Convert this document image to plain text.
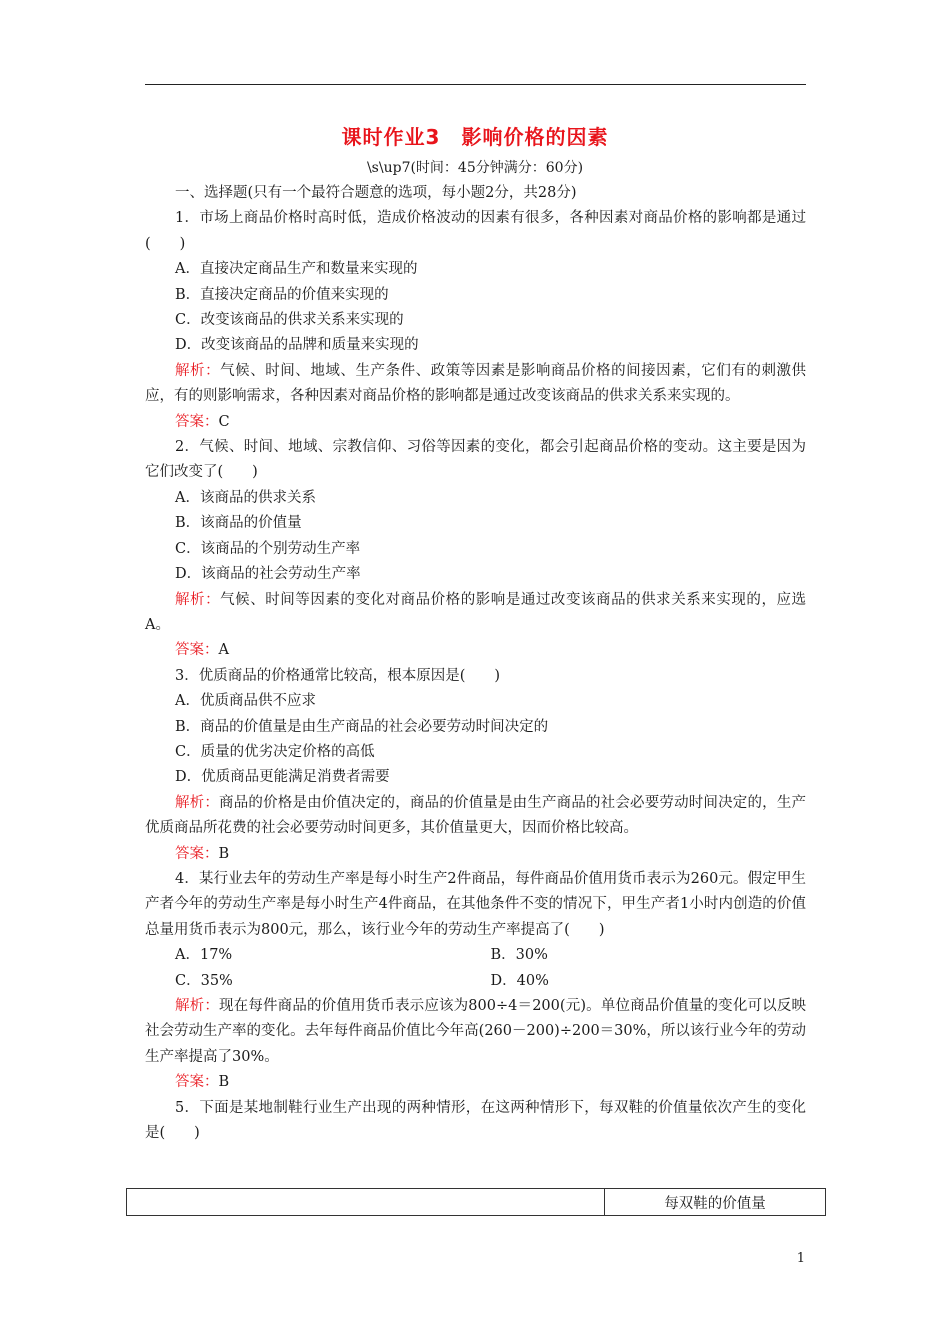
课时作业3　影响价格的因素
\s\up7(时间：45分钟满分：60分)

一、选择题(只有一个最符合题意的选项，每小题2分，共28分)

1．市场上商品价格时高时低，造成价格波动的因素有很多，各种因素对商品价格的影响都是通过(　　)

A．直接决定商品生产和数量来实现的

B．直接决定商品的价值来实现的

C．改变该商品的供求关系来实现的

D．改变该商品的品牌和质量来实现的

解析：气候、时间、地域、生产条件、政策等因素是影响商品价格的间接因素，它们有的刺激供应，有的则影响需求，各种因素对商品价格的影响都是通过改变该商品的供求关系来实现的。

答案：C

2．气候、时间、地域、宗教信仰、习俗等因素的变化，都会引起商品价格的变动。这主要是因为它们改变了(　　)

A．该商品的供求关系

B．该商品的价值量

C．该商品的个别劳动生产率

D．该商品的社会劳动生产率

解析：气候、时间等因素的变化对商品价格的影响是通过改变该商品的供求关系来实现的，应选A。

答案：A

3．优质商品的价格通常比较高，根本原因是(　　)

A．优质商品供不应求

B．商品的价值量是由生产商品的社会必要劳动时间决定的

C．质量的优劣决定价格的高低

D．优质商品更能满足消费者需要

解析：商品的价格是由价值决定的，商品的价值量是由生产商品的社会必要劳动时间决定的，生产优质商品所花费的社会必要劳动时间更多，其价值量更大，因而价格比较高。

答案：B

4．某行业去年的劳动生产率是每小时生产2件商品，每件商品价值用货币表示为260元。假定甲生产者今年的劳动生产率是每小时生产4件商品，在其他条件不变的情况下，甲生产者1小时内创造的价值总量用货币表示为800元，那么，该行业今年的劳动生产率提高了(　　)

A．17%	B．30%
C．35%	D．40%

解析：现在每件商品的价值用货币表示应该为800÷4＝200(元)。单位商品价值量的变化可以反映社会劳动生产率的变化。去年每件商品价值比今年高(260－200)÷200＝30%，所以该行业今年的劳动生产率提高了30%。

答案：B

5．下面是某地制鞋行业生产出现的两种情形，在这两种情形下，每双鞋的价值量依次产生的变化是(　　)

	每双鞋的价值量
1
